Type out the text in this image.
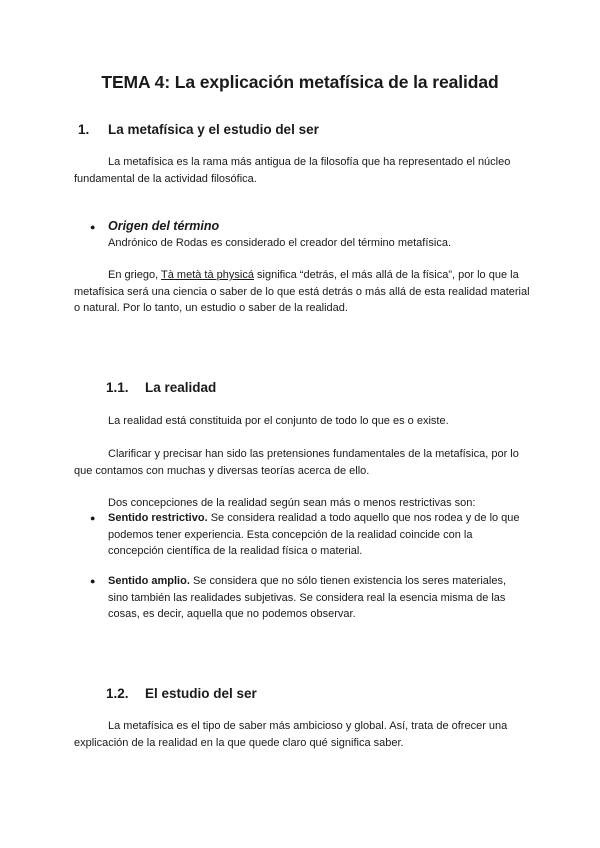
TEMA 4: La explicación metafísica de la realidad
1. La metafísica y el estudio del ser

La metafísica es la rama más antigua de la filosofía que ha representado el núcleo fundamental de la actividad filosófica.

● Origen del término

Andrónico de Rodas es considerado el creador del término metafísica.

En griego, Tà metà tà physicá significa “detrás, el más allá de la física”, por lo que la metafísica será una ciencia o saber de lo que está detrás o más allá de esta realidad material o natural. Por lo tanto, un estudio o saber de la realidad.

1.1. La realidad

La realidad está constituida por el conjunto de todo lo que es o existe.

Clarificar y precisar han sido las pretensiones fundamentales de la metafísica, por lo que contamos con muchas y diversas teorías acerca de ello.

Dos concepciones de la realidad según sean más o menos restrictivas son:

● Sentido restrictivo. Se considera realidad a todo aquello que nos rodea y de lo que podemos tener experiencia. Esta concepción de la realidad coincide con la concepción científica de la realidad física o material.

● Sentido amplio. Se considera que no sólo tienen existencia los seres materiales, sino también las realidades subjetivas. Se considera real la esencia misma de las cosas, es decir, aquella que no podemos observar.

1.2. El estudio del ser

La metafísica es el tipo de saber más ambicioso y global. Así, trata de ofrecer una explicación de la realidad en la que quede claro qué significa saber.
